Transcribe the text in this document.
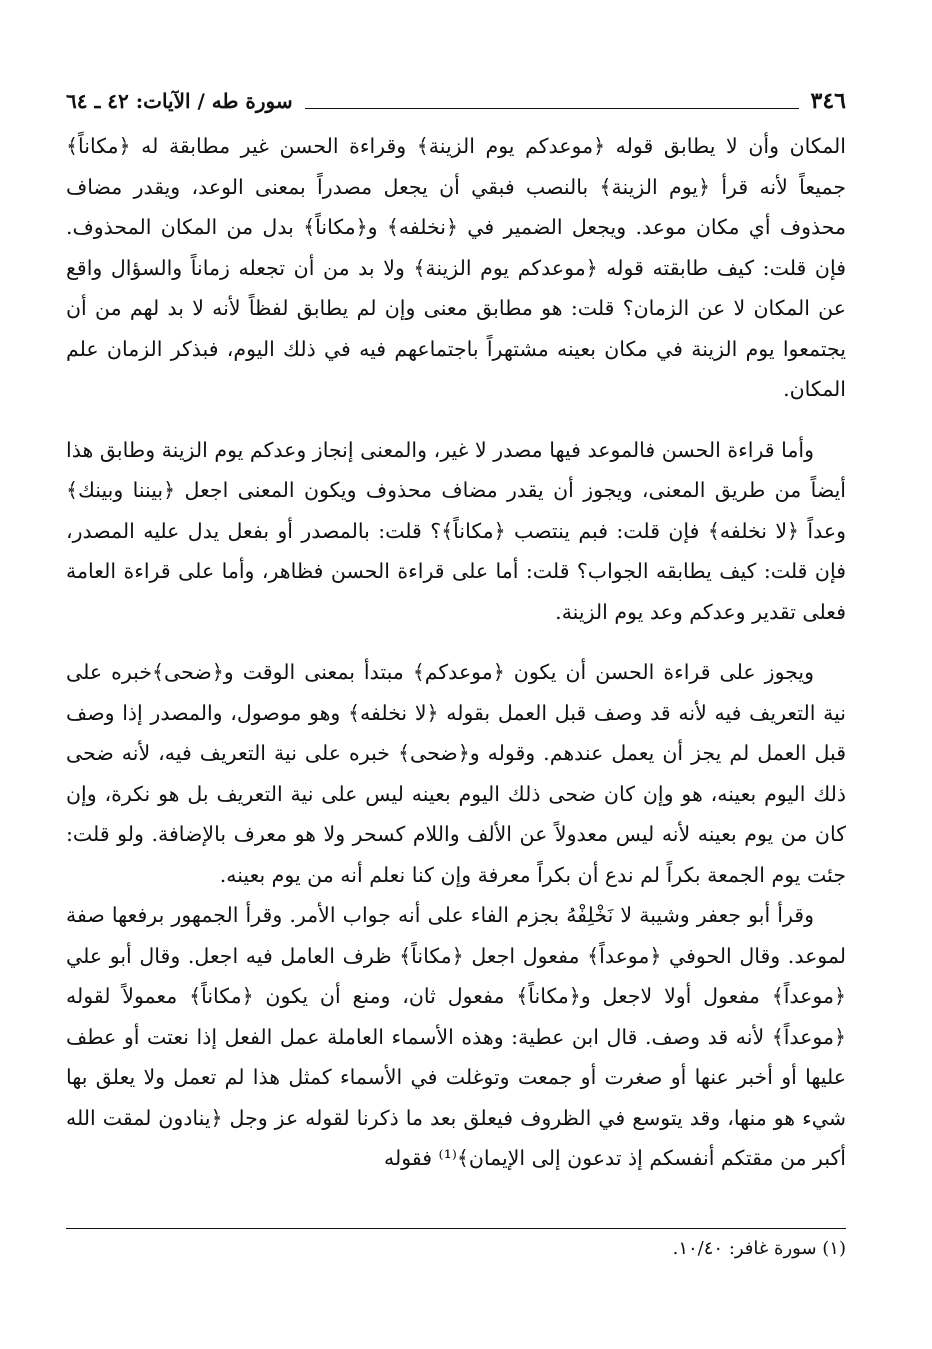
٣٤٦
سورة طه / الآيات: ٤٢ ـ ٦٤

المكان وأن لا يطابق قوله ﴿موعدكم يوم الزينة﴾ وقراءة الحسن غير مطابقة له ﴿مكاناً﴾ جميعاً لأنه قرأ ﴿يوم الزينة﴾ بالنصب فبقي أن يجعل مصدراً بمعنى الوعد، ويقدر مضاف محذوف أي مكان موعد. ويجعل الضمير في ﴿نخلفه﴾ و﴿مكاناً﴾ بدل من المكان المحذوف. فإن قلت: كيف طابقته قوله ﴿موعدكم يوم الزينة﴾ ولا بد من أن تجعله زماناً والسؤال واقع عن المكان لا عن الزمان؟ قلت: هو مطابق معنى وإن لم يطابق لفظاً لأنه لا بد لهم من أن يجتمعوا يوم الزينة في مكان بعينه مشتهراً باجتماعهم فيه في ذلك اليوم، فبذكر الزمان علم المكان.

وأما قراءة الحسن فالموعد فيها مصدر لا غير، والمعنى إنجاز وعدكم يوم الزينة وطابق هذا أيضاً من طريق المعنى، ويجوز أن يقدر مضاف محذوف ويكون المعنى اجعل ﴿بيننا وبينك﴾ وعداً ﴿لا نخلفه﴾ فإن قلت: فبم ينتصب ﴿مكاناً﴾؟ قلت: بالمصدر أو بفعل يدل عليه المصدر، فإن قلت: كيف يطابقه الجواب؟ قلت: أما على قراءة الحسن فظاهر، وأما على قراءة العامة فعلى تقدير وعدكم وعد يوم الزينة.

ويجوز على قراءة الحسن أن يكون ﴿موعدكم﴾ مبتدأ بمعنى الوقت و﴿ضحى﴾خبره على نية التعريف فيه لأنه قد وصف قبل العمل بقوله ﴿لا نخلفه﴾ وهو موصول، والمصدر إذا وصف قبل العمل لم يجز أن يعمل عندهم. وقوله و﴿ضحى﴾ خبره على نية التعريف فيه، لأنه ضحى ذلك اليوم بعينه، هو وإن كان ضحى ذلك اليوم بعينه ليس على نية التعريف بل هو نكرة، وإن كان من يوم بعينه لأنه ليس معدولاً عن الألف واللام كسحر ولا هو معرف بالإضافة. ولو قلت: جئت يوم الجمعة بكراً لم ندع أن بكراً معرفة وإن كنا نعلم أنه من يوم بعينه.

وقرأ أبو جعفر وشيبة لا نَخْلِفْهُ بجزم الفاء على أنه جواب الأمر. وقرأ الجمهور برفعها صفة لموعد. وقال الحوفي ﴿موعداً﴾ مفعول اجعل ﴿مكاناً﴾ ظرف العامل فيه اجعل. وقال أبو علي ﴿موعداً﴾ مفعول أولا لاجعل و﴿مكاناً﴾ مفعول ثان، ومنع أن يكون ﴿مكاناً﴾ معمولاً لقوله ﴿موعداً﴾ لأنه قد وصف. قال ابن عطية: وهذه الأسماء العاملة عمل الفعل إذا نعتت أو عطف عليها أو أخبر عنها أو صغرت أو جمعت وتوغلت في الأسماء كمثل هذا لم تعمل ولا يعلق بها شيء هو منها، وقد يتوسع في الظروف فيعلق بعد ما ذكرنا لقوله عز وجل ﴿ينادون لمقت الله أكبر من مقتكم أنفسكم إذ تدعون إلى الإيمان﴾⁽¹⁾ فقوله

(١) سورة غافر: ١٠/٤٠.
